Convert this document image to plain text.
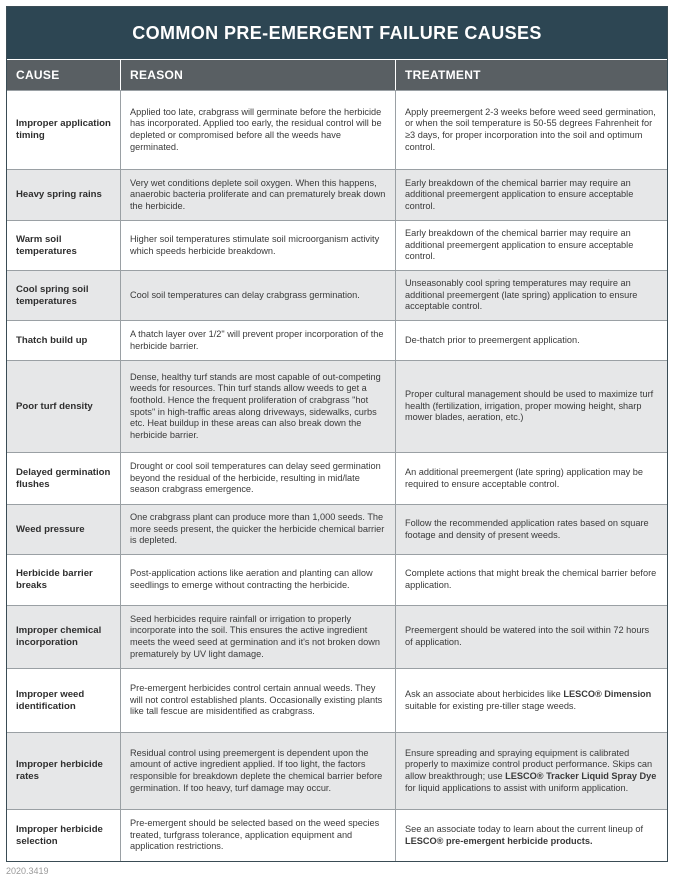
COMMON PRE-EMERGENT FAILURE CAUSES
CAUSE	REASON	TREATMENT
Improper application timing
Applied too late, crabgrass will germinate before the herbicide has incorporated. Applied too early, the residual control will be depleted or compromised before all the weeds have germinated.
Apply preemergent 2-3 weeks before weed seed germination, or when the soil temperature is 50-55 degrees Fahrenheit for ≥3 days, for proper incorporation into the soil and optimum control.
Heavy spring rains
Very wet conditions deplete soil oxygen. When this happens, anaerobic bacteria proliferate and can prematurely break down the herbicide.
Early breakdown of the chemical barrier may require an additional preemergent application to ensure acceptable control.
Warm soil temperatures
Higher soil temperatures stimulate soil microorganism activity which speeds herbicide breakdown.
Early breakdown of the chemical barrier may require an additional preemergent application to ensure acceptable control.
Cool spring soil temperatures
Cool soil temperatures can delay crabgrass germination.
Unseasonably cool spring temperatures may require an additional preemergent (late spring) application to ensure acceptable control.
Thatch build up
A thatch layer over 1/2" will prevent proper incorporation of the herbicide barrier.
De-thatch prior to preemergent application.
Poor turf density
Dense, healthy turf stands are most capable of out-competing weeds for resources. Thin turf stands allow weeds to get a foothold. Hence the frequent proliferation of crabgrass "hot spots" in high-traffic areas along driveways, sidewalks, curbs etc. Heat buildup in these areas can also break down the herbicide barrier.
Proper cultural management should be used to maximize turf health (fertilization, irrigation, proper mowing height, sharp mower blades, aeration, etc.)
Delayed germination flushes
Drought or cool soil temperatures can delay seed germination beyond the residual of the herbicide, resulting in mid/late season crabgrass emergence.
An additional preemergent (late spring) application may be required to ensure acceptable control.
Weed pressure
One crabgrass plant can produce more than 1,000 seeds. The more seeds present, the quicker the herbicide chemical barrier is depleted.
Follow the recommended application rates based on square footage and density of present weeds.
Herbicide barrier breaks
Post-application actions like aeration and planting can allow seedlings to emerge without contracting the herbicide.
Complete actions that might break the chemical barrier before application.
Improper chemical incorporation
Seed herbicides require rainfall or irrigation to properly incorporate into the soil. This ensures the active ingredient meets the weed seed at germination and it's not broken down prematurely by UV light damage.
Preemergent should be watered into the soil within 72 hours of application.
Improper weed identification
Pre-emergent herbicides control certain annual weeds. They will not control established plants. Occasionally existing plants like tall fescue are misidentified as crabgrass.
Ask an associate about herbicides like LESCO® Dimension suitable for existing pre-tiller stage weeds.
Improper herbicide rates
Residual control using preemergent is dependent upon the amount of active ingredient applied. If too light, the factors responsible for breakdown deplete the chemical barrier before germination. If too heavy, turf damage may occur.
Ensure spreading and spraying equipment is calibrated properly to maximize control product performance. Skips can allow breakthrough; use LESCO® Tracker Liquid Spray Dye for liquid applications to assist with uniform application.
Improper herbicide selection
Pre-emergent should be selected based on the weed species treated, turfgrass tolerance, application equipment and application restrictions.
See an associate today to learn about the current lineup of LESCO® pre-emergent herbicide products.
2020.3419
